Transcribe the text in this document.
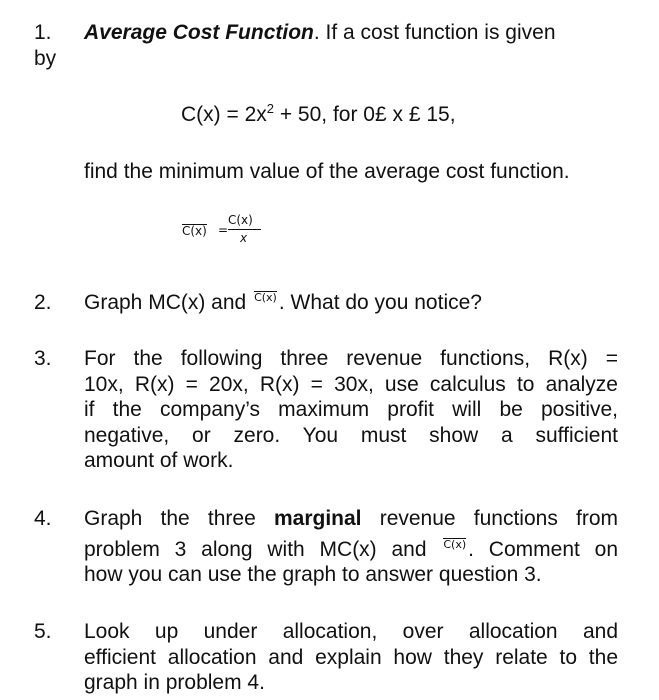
1. Average Cost Function. If a cost function is given
by
$C(x) = 2x^2 + 50$, for 0£ x £ 15,
find the minimum value of the average cost function.
C(x) =
C(x)
x
2. Graph MC(x) and C(x). What do you notice?
3. For the following three revenue functions, R(x) =
10x, R(x) = 20x, R(x) = 30x, use calculus to analyze
if the company’s maximum profit will be positive,
negative, or zero. You must show a sufficient
amount of work.
4. Graph the three marginal revenue functions from
problem 3 along with MC(x) and C(x). Comment on
how you can use the graph to answer question 3.
5. Look up under allocation, over allocation and
efficient allocation and explain how they relate to the
graph in problem 4.
